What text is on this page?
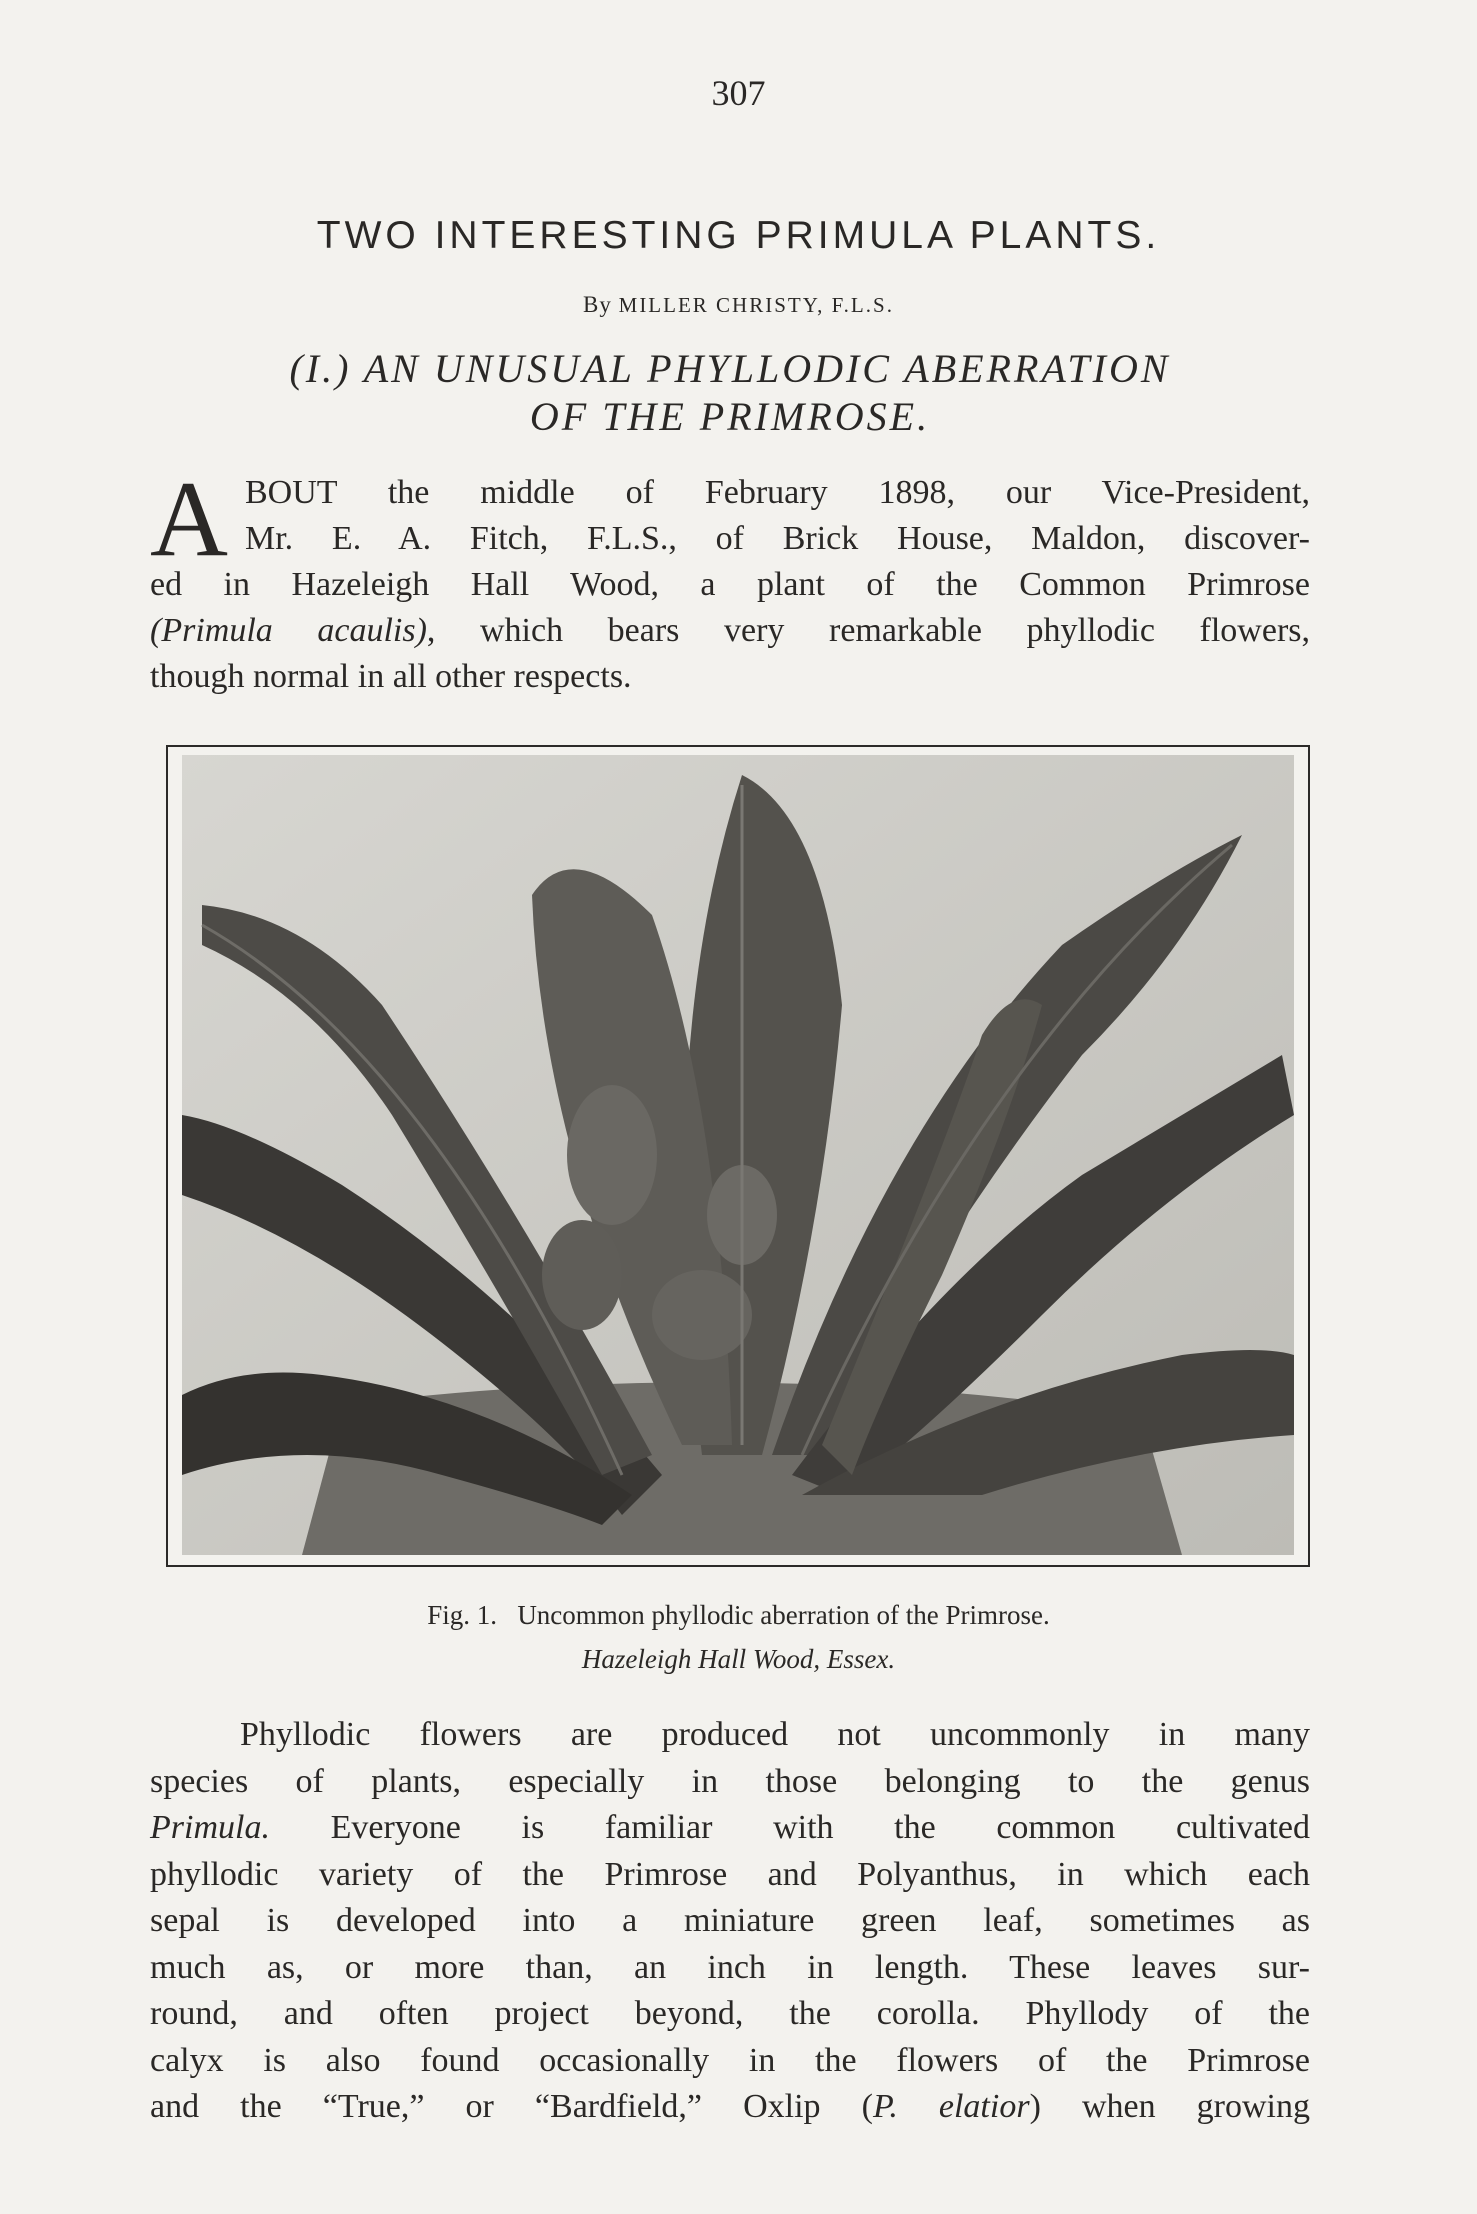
307
TWO INTERESTING PRIMULA PLANTS.
By MILLER CHRISTY, F.L.S.
(I.) AN UNUSUAL PHYLLODIC ABERRATION
OF THE PRIMROSE.
A BOUT the middle of February 1898, our Vice-President,
Mr. E. A. Fitch, F.L.S., of Brick House, Maldon, discover-
ed in Hazeleigh Hall Wood, a plant of the Common Primrose
(Primula acaulis), which bears very remarkable phyllodic flowers,
though normal in all other respects.
Fig. 1. Uncommon phyllodic aberration of the Primrose.
Hazeleigh Hall Wood, Essex.
Phyllodic flowers are produced not uncommonly in many
species of plants, especially in those belonging to the genus
Primula. Everyone is familiar with the common cultivated
phyllodic variety of the Primrose and Polyanthus, in which each
sepal is developed into a miniature green leaf, sometimes as
much as, or more than, an inch in length. These leaves sur-
round, and often project beyond, the corolla. Phyllody of the
calyx is also found occasionally in the flowers of the Primrose
and the “True,” or “Bardfield,” Oxlip (P. elatior) when growing
